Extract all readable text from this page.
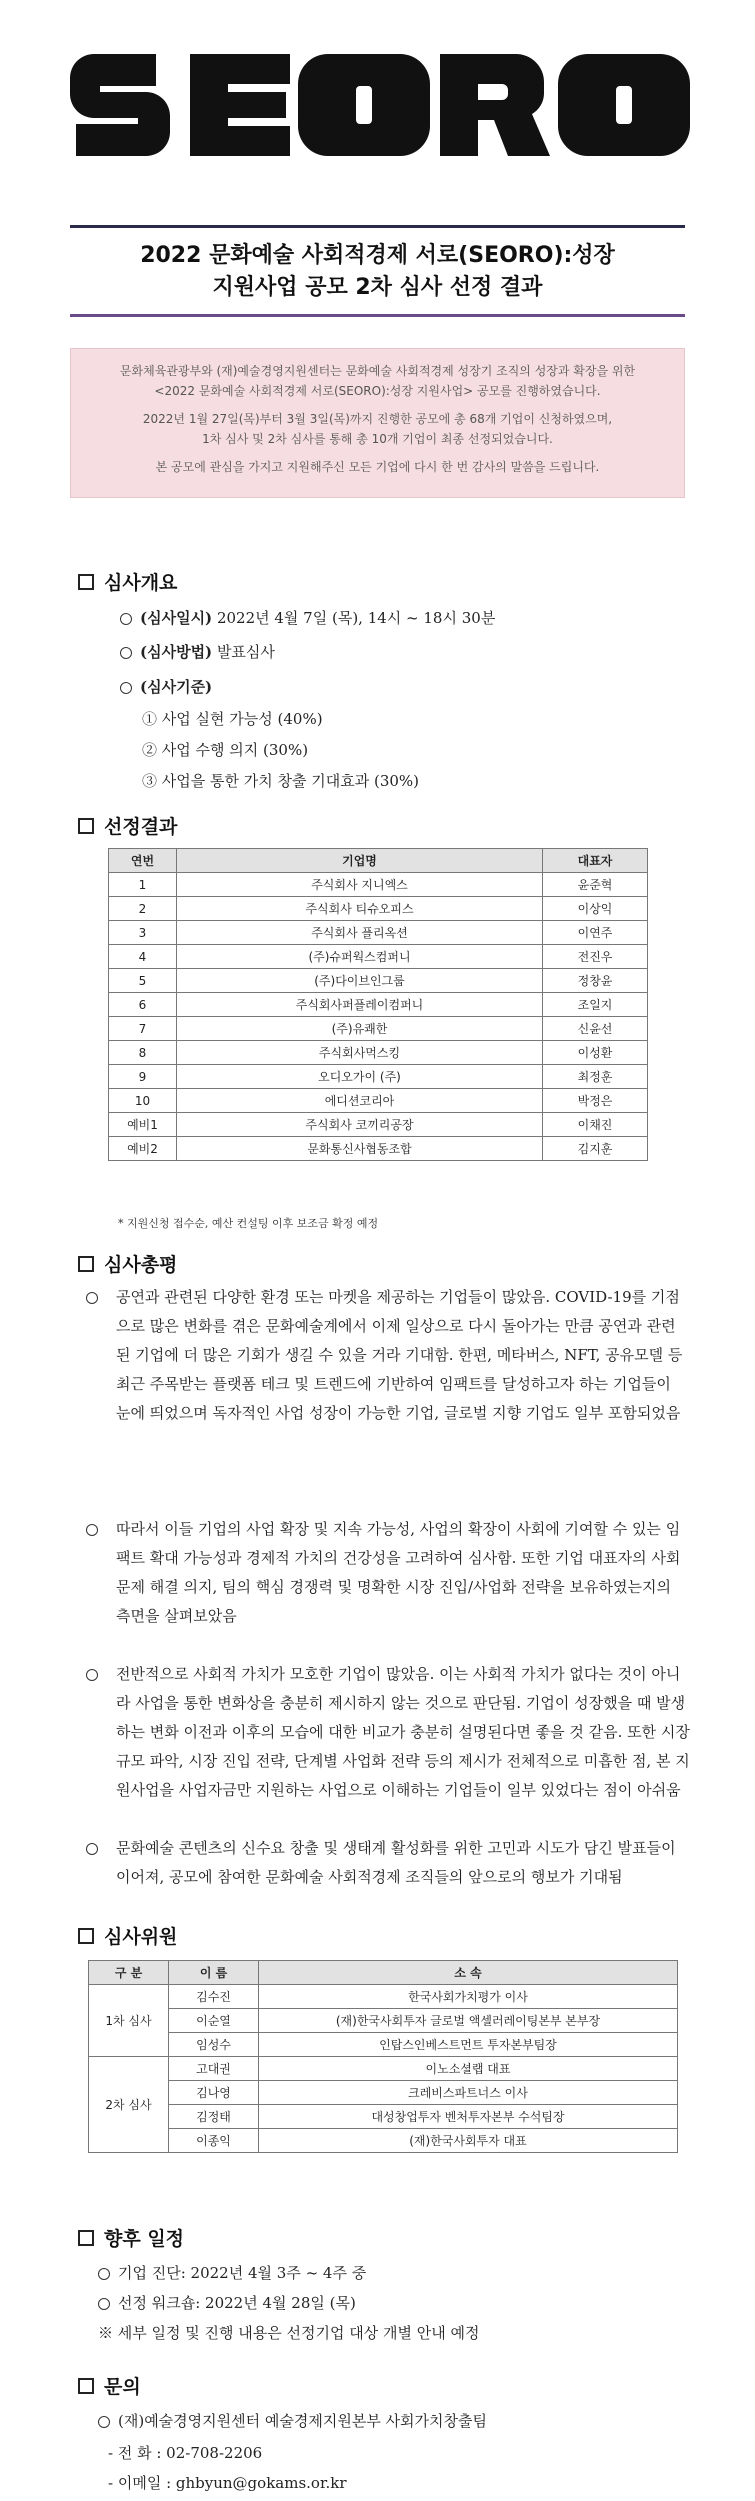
2022 문화예술 사회적경제 서로(SEORO):성장
지원사업 공모 2차 심사 선정 결과

문화체육관광부와 (재)예술경영지원센터는 문화예술 사회적경제 성장기 조직의 성장과 확장을 위한
<2022 문화예술 사회적경제 서로(SEORO):성장 지원사업> 공모를 진행하였습니다.

2022년 1월 27일(목)부터 3월 3일(목)까지 진행한 공모에 총 68개 기업이 신청하였으며,
1차 심사 및 2차 심사를 통해 총 10개 기업이 최종 선정되었습니다.

본 공모에 관심을 가지고 지원해주신 모든 기업에 다시 한 번 감사의 말씀을 드립니다.

심사개요
(심사일시) 2022년 4월 7일 (목), 14시 ~ 18시 30분
(심사방법) 발표심사
(심사기준)
① 사업 실현 가능성 (40%)
② 사업 수행 의지 (30%)
③ 사업을 통한 가치 창출 기대효과 (30%)
선정결과
연번	기업명	대표자
1	주식회사 지니엑스	윤준혁
2	주식회사 티슈오피스	이상익
3	주식회사 플리옥션	이연주
4	(주)슈퍼웍스컴퍼니	전진우
5	(주)다이브인그룹	정창윤
6	주식회사퍼플레이컴퍼니	조일지
7	(주)유쾌한	신윤선
8	주식회사먹스킹	이성환
9	오디오가이 (주)	최정훈
10	에디션코리아	박정은
예비1	주식회사 코끼리공장	이채진
예비2	문화통신사협동조합	김지훈
* 지원신청 접수순, 예산 컨설팅 이후 보조금 확정 예정
심사총평
공연과 관련된 다양한 환경 또는 마켓을 제공하는 기업들이 많았음. COVID-19를 기점으로 많은 변화를 겪은 문화예술계에서 이제 일상으로 다시 돌아가는 만큼 공연과 관련된 기업에 더 많은 기회가 생길 수 있을 거라 기대함. 한편, 메타버스, NFT, 공유모델 등 최근 주목받는 플랫폼 테크 및 트렌드에 기반하여 임팩트를 달성하고자 하는 기업들이 눈에 띄었으며 독자적인 사업 성장이 가능한 기업, 글로벌 지향 기업도 일부 포함되었음
따라서 이들 기업의 사업 확장 및 지속 가능성, 사업의 확장이 사회에 기여할 수 있는 임팩트 확대 가능성과 경제적 가치의 건강성을 고려하여 심사함. 또한 기업 대표자의 사회문제 해결 의지, 팀의 핵심 경쟁력 및 명확한 시장 진입/사업화 전략을 보유하였는지의 측면을 살펴보았음
전반적으로 사회적 가치가 모호한 기업이 많았음. 이는 사회적 가치가 없다는 것이 아니라 사업을 통한 변화상을 충분히 제시하지 않는 것으로 판단됨. 기업이 성장했을 때 발생하는 변화 이전과 이후의 모습에 대한 비교가 충분히 설명된다면 좋을 것 같음. 또한 시장 규모 파악, 시장 진입 전략, 단계별 사업화 전략 등의 제시가 전체적으로 미흡한 점, 본 지원사업을 사업자금만 지원하는 사업으로 이해하는 기업들이 일부 있었다는 점이 아쉬움
문화예술 콘텐츠의 신수요 창출 및 생태계 활성화를 위한 고민과 시도가 담긴 발표들이 이어져, 공모에 참여한 문화예술 사회적경제 조직들의 앞으로의 행보가 기대됨
심사위원
구 분	이 름	소 속
1차 심사	김수진	한국사회가치평가 이사
	이순열	(재)한국사회투자 글로벌 액셀러레이팅본부 본부장
	임성수	인탑스인베스트먼트 투자본부팀장
2차 심사	고대권	이노소셜랩 대표
	김나영	크레비스파트너스 이사
	김정태	대성창업투자 벤처투자본부 수석팀장
	이종익	(재)한국사회투자 대표
향후 일정
기업 진단: 2022년 4월 3주 ~ 4주 중
선정 워크숍: 2022년 4월 28일 (목)
※ 세부 일정 및 진행 내용은 선정기업 대상 개별 안내 예정
문의
(재)예술경영지원센터 예술경제지원본부 사회가치창출팀
- 전 화 : 02-708-2206
- 이메일 : ghbyun@gokams.or.kr
